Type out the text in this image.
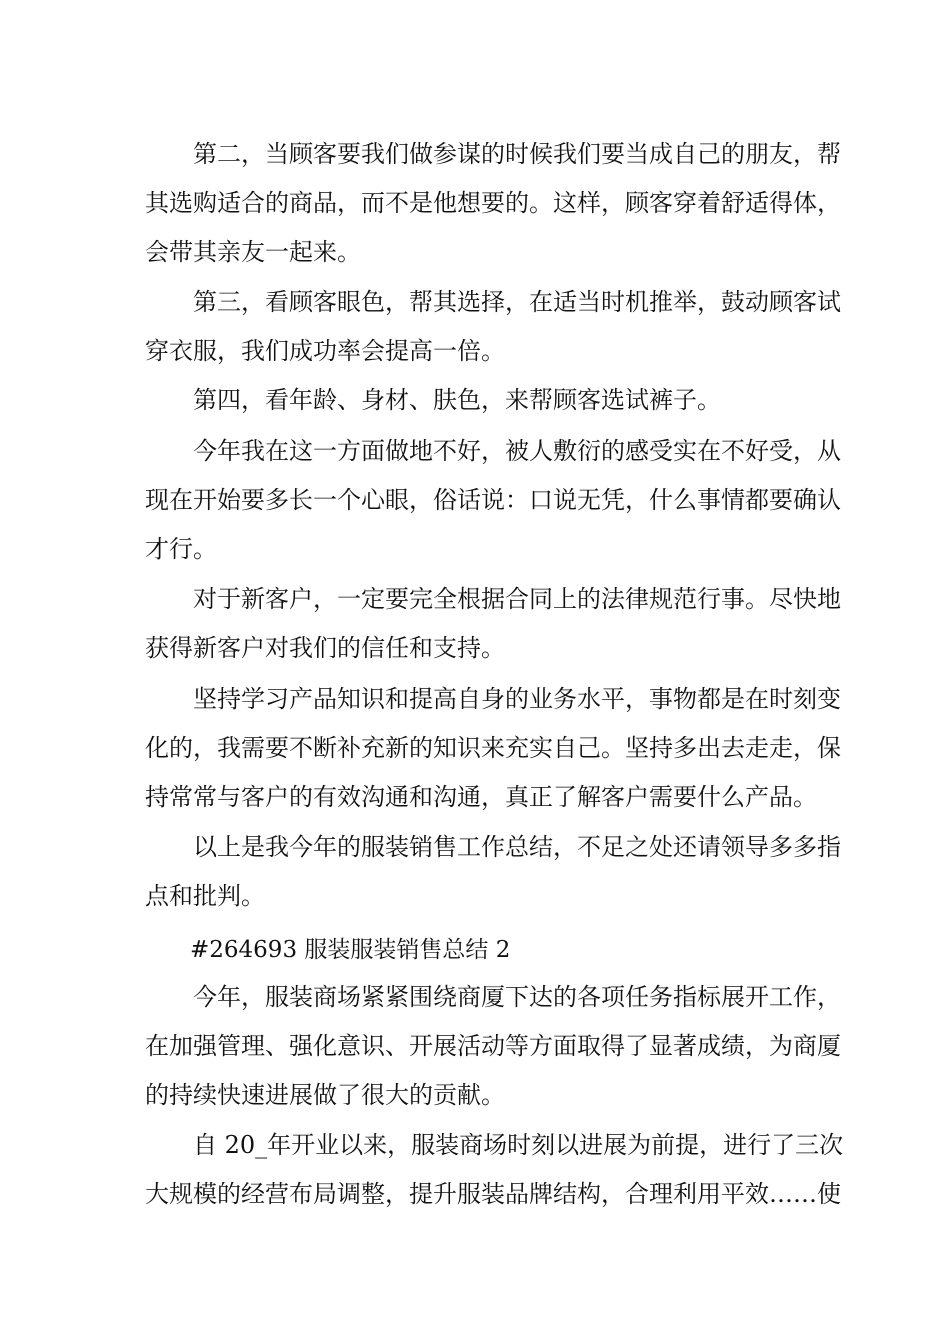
第二，当顾客要我们做参谋的时候我们要当成自己的朋友，帮
其选购适合的商品，而不是他想要的。这样，顾客穿着舒适得体，
会带其亲友一起来。
第三，看顾客眼色，帮其选择，在适当时机推举，鼓动顾客试
穿衣服，我们成功率会提高一倍。
第四，看年龄、身材、肤色，来帮顾客选试裤子。
今年我在这一方面做地不好，被人敷衍的感受实在不好受，从
现在开始要多长一个心眼，俗话说：口说无凭，什么事情都要确认
才行。
对于新客户，一定要完全根据合同上的法律规范行事。尽快地
获得新客户对我们的信任和支持。
坚持学习产品知识和提高自身的业务水平，事物都是在时刻变
化的，我需要不断补充新的知识来充实自己。坚持多出去走走，保
持常常与客户的有效沟通和沟通，真正了解客户需要什么产品。
以上是我今年的服装销售工作总结，不足之处还请领导多多指
点和批判。
#264693 服装服装销售总结 2
今年，服装商场紧紧围绕商厦下达的各项任务指标展开工作，
在加强管理、强化意识、开展活动等方面取得了显著成绩，为商厦
的持续快速进展做了很大的贡献。
自 20_年开业以来，服装商场时刻以进展为前提，进行了三次
大规模的经营布局调整，提升服装品牌结构，合理利用平效……使
